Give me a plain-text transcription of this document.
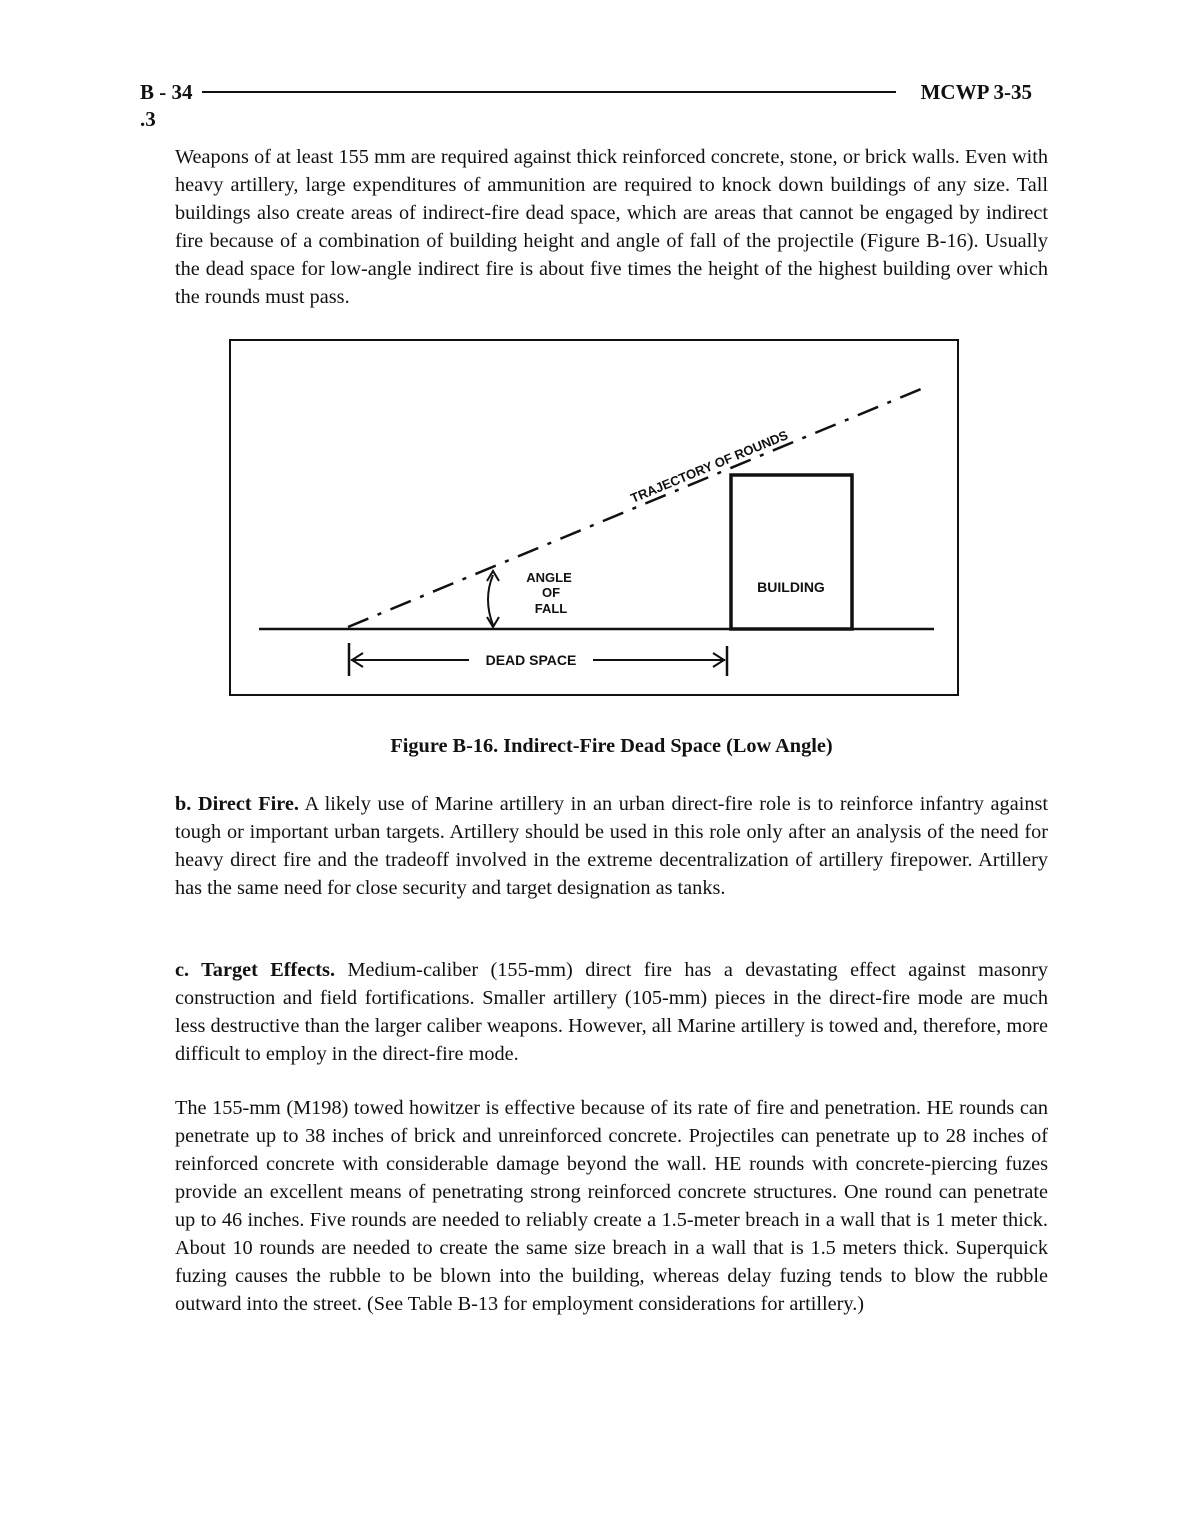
B - 34	MCWP 3-35
.3

Weapons of at least 155 mm are required against thick reinforced concrete, stone, or brick walls. Even with heavy artillery, large expenditures of ammunition are required to knock down buildings of any size. Tall buildings also create areas of indirect-fire dead space, which are areas that cannot be engaged by indirect fire because of a combination of building height and angle of fall of the projectile (Figure B-16). Usually the dead space for low-angle indirect fire is about five times the height of the highest building over which the rounds must pass.

BUILDING
TRAJECTORY OF ROUNDS
ANGLE
OF
FALL
DEAD SPACE
Figure B-16. Indirect-Fire Dead Space (Low Angle)

b. Direct Fire. A likely use of Marine artillery in an urban direct-fire role is to reinforce infantry against tough or important urban targets. Artillery should be used in this role only after an analysis of the need for heavy direct fire and the tradeoff involved in the extreme decentralization of artillery firepower. Artillery has the same need for close security and target designation as tanks.

c. Target Effects. Medium-caliber (155-mm) direct fire has a devastating effect against masonry construction and field fortifications. Smaller artillery (105-mm) pieces in the direct-fire mode are much less destructive than the larger caliber weapons. However, all Marine artillery is towed and, therefore, more difficult to employ in the direct-fire mode.

The 155-mm (M198) towed howitzer is effective because of its rate of fire and penetration. HE rounds can penetrate up to 38 inches of brick and unreinforced concrete. Projectiles can penetrate up to 28 inches of reinforced concrete with considerable damage beyond the wall. HE rounds with concrete-piercing fuzes provide an excellent means of penetrating strong reinforced concrete structures. One round can penetrate up to 46 inches. Five rounds are needed to reliably create a 1.5-meter breach in a wall that is 1 meter thick. About 10 rounds are needed to create the same size breach in a wall that is 1.5 meters thick. Superquick fuzing causes the rubble to be blown into the building, whereas delay fuzing tends to blow the rubble outward into the street. (See Table B-13 for employment considerations for artillery.)
